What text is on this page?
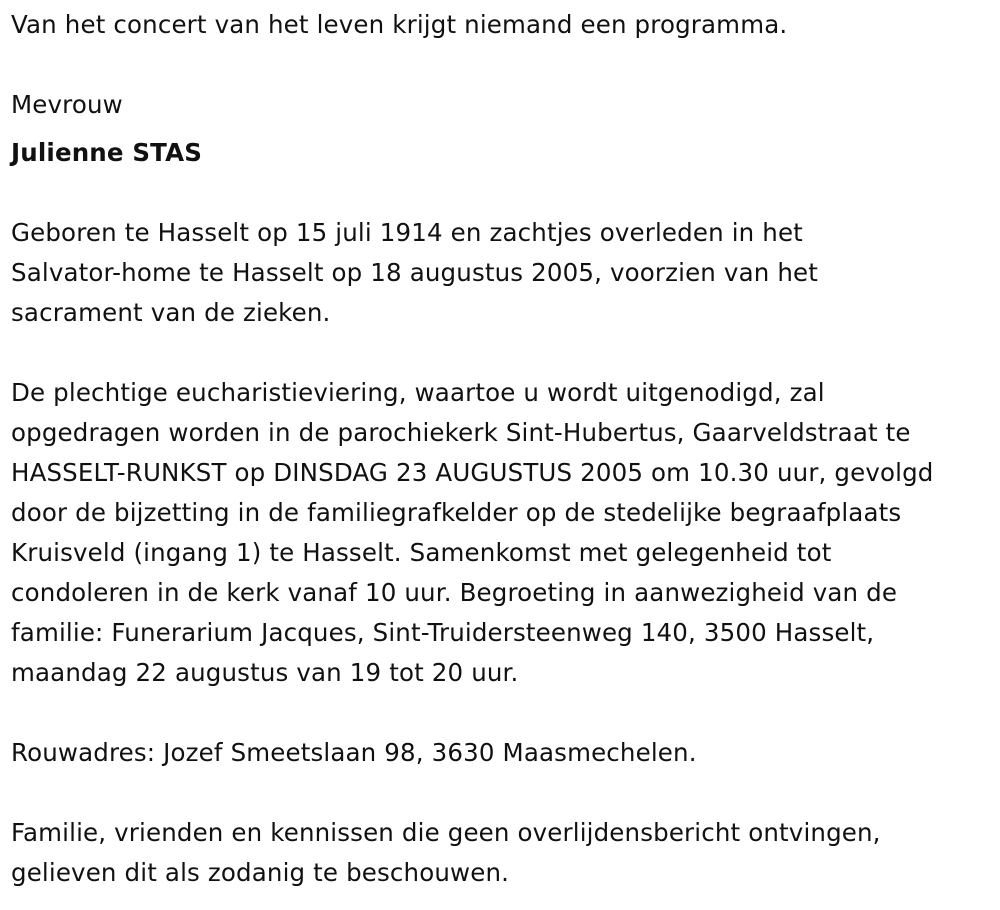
Van het concert van het leven krijgt niemand een programma.

Mevrouw

Julienne STAS

Geboren te Hasselt op 15 juli 1914 en zachtjes overleden in het

Salvator-home te Hasselt op 18 augustus 2005, voorzien van het

sacrament van de zieken.

De plechtige eucharistieviering, waartoe u wordt uitgenodigd, zal

opgedragen worden in de parochiekerk Sint-Hubertus, Gaarveldstraat te

HASSELT-RUNKST op DINSDAG 23 AUGUSTUS 2005 om 10.30 uur, gevolgd

door de bijzetting in de familiegrafkelder op de stedelijke begraafplaats

Kruisveld (ingang 1) te Hasselt. Samenkomst met gelegenheid tot

condoleren in de kerk vanaf 10 uur. Begroeting in aanwezigheid van de

familie: Funerarium Jacques, Sint-Truidersteenweg 140, 3500 Hasselt,

maandag 22 augustus van 19 tot 20 uur.

Rouwadres: Jozef Smeetslaan 98, 3630 Maasmechelen.

Familie, vrienden en kennissen die geen overlijdensbericht ontvingen,

gelieven dit als zodanig te beschouwen.
